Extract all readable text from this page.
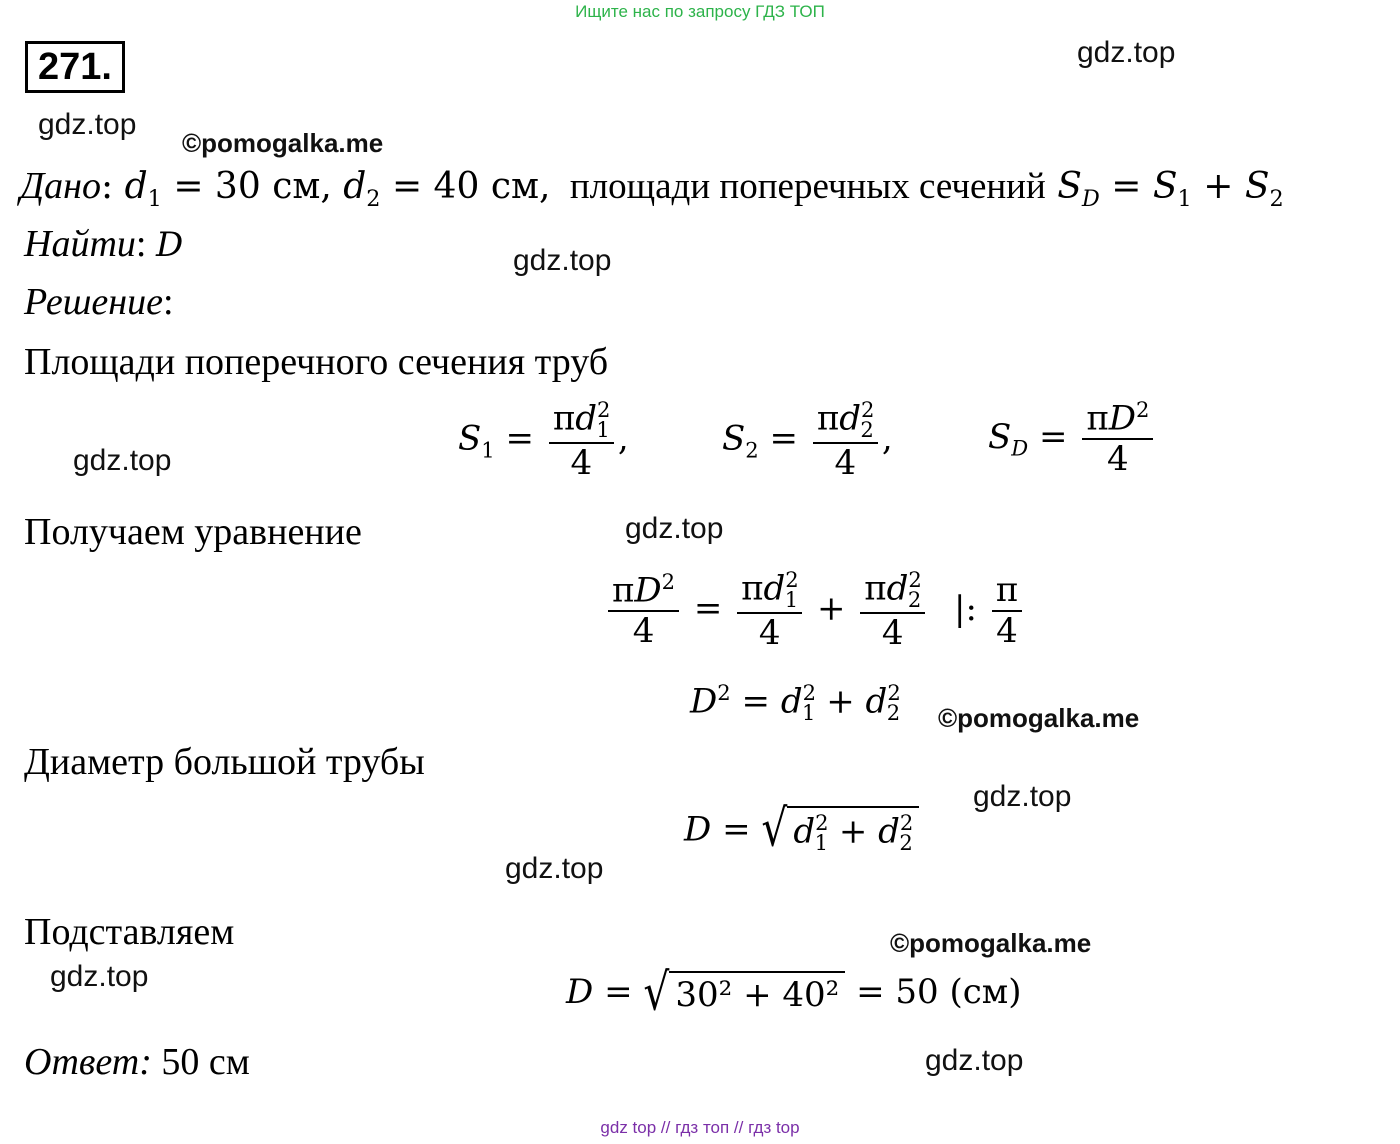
Ищите нас по запросу ГДЗ ТОП
271.	gdz.top
gdz.top
©pomogalka.me
gdz.top
gdz.top
gdz.top
©pomogalka.me
gdz.top
gdz.top
©pomogalka.me
gdz.top
gdz.top
Дано: $d_1 = 30$ см, $d_2 = 40$ см, площади поперечных сечений $S_D = S_1 + S_2$
Найти: D
Решение:
Площади поперечного сечения труб
$S_1 = \frac{\pi d^2_1}{4}$ ,	$S_2 = \frac{\pi d^2_2}{4}$ ,	$S_D = \frac{\pi D^2}{4}$
Получаем уравнение
$\frac{\pi D^2}{4} = \frac{\pi d^2_1}{4} + \frac{\pi d^2_2}{4}$ |: $\frac{\pi}{4}$
$D^2 = d^2_1 + d^2_2$
Диаметр большой трубы
D = √ $d^2_1 + d^2_2$
Подставляем
D = √ 30² + 40² = 50 (см)
Ответ: 50 см
gdz top // гдз топ // гдз top
